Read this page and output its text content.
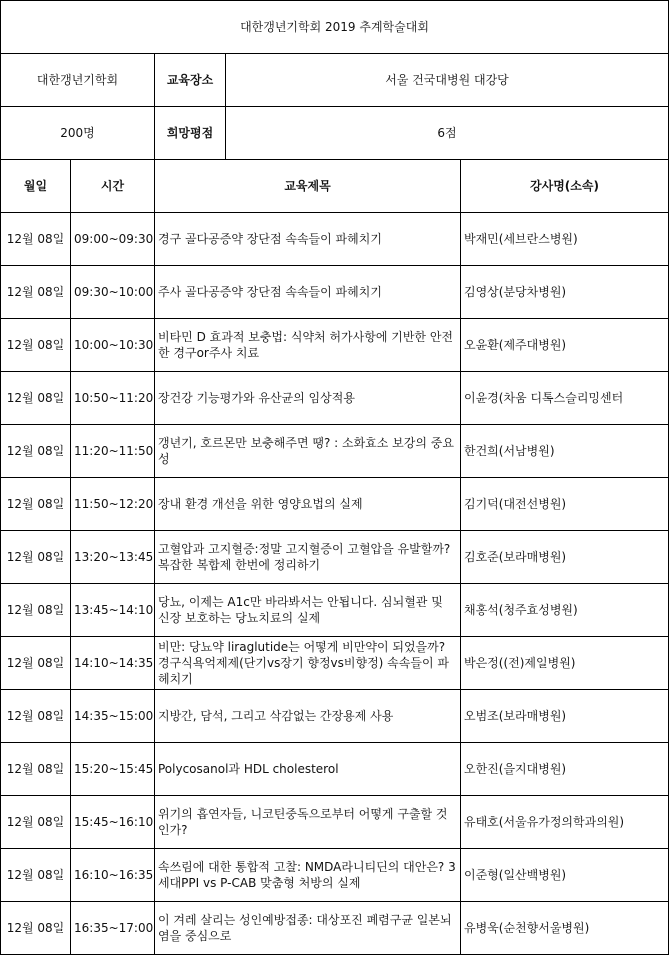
대한갱년기학회 2019 추계학술대회				
대한갱년기학회		교육장소	서울 건국대병원 대강당	
200명		희망평점	6점	
월일	시간	교육제목		강사명(소속)
12월 08일	09:00~09:30	경구 골다공증약 장단점 속속들이 파헤치기		박재민(세브란스병원)
12월 08일	09:30~10:00	주사 골다공증약 장단점 속속들이 파헤치기		김영상(분당차병원)
12월 08일	10:00~10:30	비타민 D 효과적 보충법: 식약처 허가사항에 기반한 안전한 경구or주사 치료		오윤환(제주대병원)
12월 08일	10:50~11:20	장건강 기능평가와 유산균의 임상적용		이윤경(차움 디톡스슬리밍센터
12월 08일	11:20~11:50	갱년기, 호르몬만 보충해주면 땡? : 소화효소 보강의 중요성		한건희(서남병원)
12월 08일	11:50~12:20	장내 환경 개선을 위한 영양요법의 실제		김기덕(대전선병원)
12월 08일	13:20~13:45	고혈압과 고지혈증:정말 고지혈증이 고혈압을 유발할까? 복잡한 복합제 한번에 정리하기		김호준(보라매병원)
12월 08일	13:45~14:10	당뇨, 이제는 A1c만 바라봐서는 안됩니다. 심뇌혈관 및 신장 보호하는 당뇨치료의 실제		채홍석(청주효성병원)
12월 08일	14:10~14:35	비만: 당뇨약 liraglutide는 어떻게 비만약이 되었을까? 경구식욕억제제(단기vs장기 향정vs비향정) 속속들이 파헤치기		박은정((전)제일병원)
12월 08일	14:35~15:00	지방간, 담석, 그리고 삭감없는 간장용제 사용		오범조(보라매병원)
12월 08일	15:20~15:45	Polycosanol과 HDL cholesterol		오한진(을지대병원)
12월 08일	15:45~16:10	위기의 흡연자들, 니코틴중독으로부터 어떻게 구출할 것인가?		유태호(서울유가정의학과의원)
12월 08일	16:10~16:35	속쓰림에 대한 통합적 고찰: NMDA라니티딘의 대안은? 3세대PPI vs P-CAB 맞춤형 처방의 실제		이준형(일산백병원)
12월 08일	16:35~17:00	이 겨레 살리는 성인예방접종: 대상포진 폐렴구균 일본뇌염을 중심으로		유병욱(순천향서울병원)
